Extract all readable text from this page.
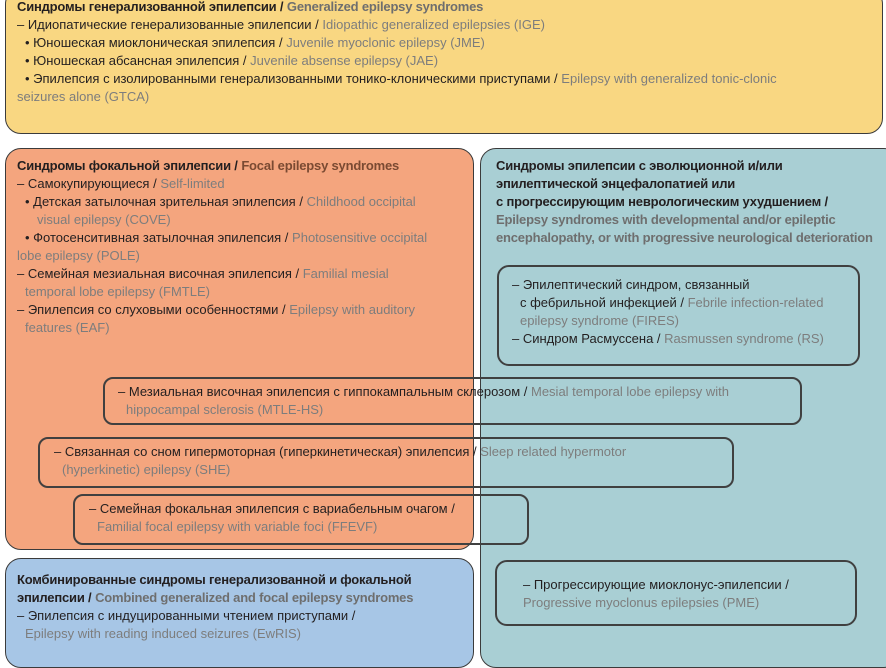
Синдромы генерализованной эпилепсии / Generalized epilepsy syndromes
– Идиопатические генерализованные эпилепсии / Idiopathic generalized epilepsies (IGE)
• Юношеская миоклоническая эпилепсия / Juvenile myoclonic epilepsy (JME)
• Юношеская абсансная эпилепсия / Juvenile absense epilepsy (JAE)
• Эпилепсия с изолированными генерализованными тонико-клоническими приступами / Epilepsy with generalized tonic-clonic
seizures alone (GTCA)
Синдромы эпилепсии с эволюционной и/или
эпилептической энцефалопатией или
с прогрессирующим неврологическим ухудшением /
Epilepsy syndromes with developmental and/or epileptic
encephalopathy, or with progressive neurological deterioration
– Эпилептический синдром, связанный
с фебрильной инфекцией / Febrile infection-related
epilepsy syndrome (FIRES)
– Синдром Расмуссена / Rasmussen syndrome (RS)
– Прогрессирующие миоклонус-эпилепсии /
Progressive myoclonus epilepsies (PME)
Синдромы фокальной эпилепсии / Focal epilepsy syndromes
– Самокупирующиеся / Self-limited
• Детская затылочная зрительная эпилепсия / Childhood occipital
visual epilepsy (COVE)
• Фотосенситивная затылочная эпилепсия / Photosensitive occipital
lobe epilepsy (POLE)
– Семейная мезиальная височная эпилепсия / Familial mesial
temporal lobe epilepsy (FMTLE)
– Эпилепсия со слуховыми особенностями / Epilepsy with auditory
features (EAF)
– Мезиальная височная эпилепсия с гиппокампальным склерозом / Mesial temporal lobe epilepsy with
hippocampal sclerosis (MTLE-HS)
– Связанная со сном гипермоторная (гиперкинетическая) эпилепсия / Sleep related hypermotor
(hyperkinetic) epilepsy (SHE)
– Семейная фокальная эпилепсия с вариабельным очагом /
Familial focal epilepsy with variable foci (FFEVF)
Комбинированные синдромы генерализованной и фокальной
эпилепсии / Combined generalized and focal epilepsy syndromes
– Эпилепсия с индуцированными чтением приступами /
Epilepsy with reading induced seizures (EwRIS)
